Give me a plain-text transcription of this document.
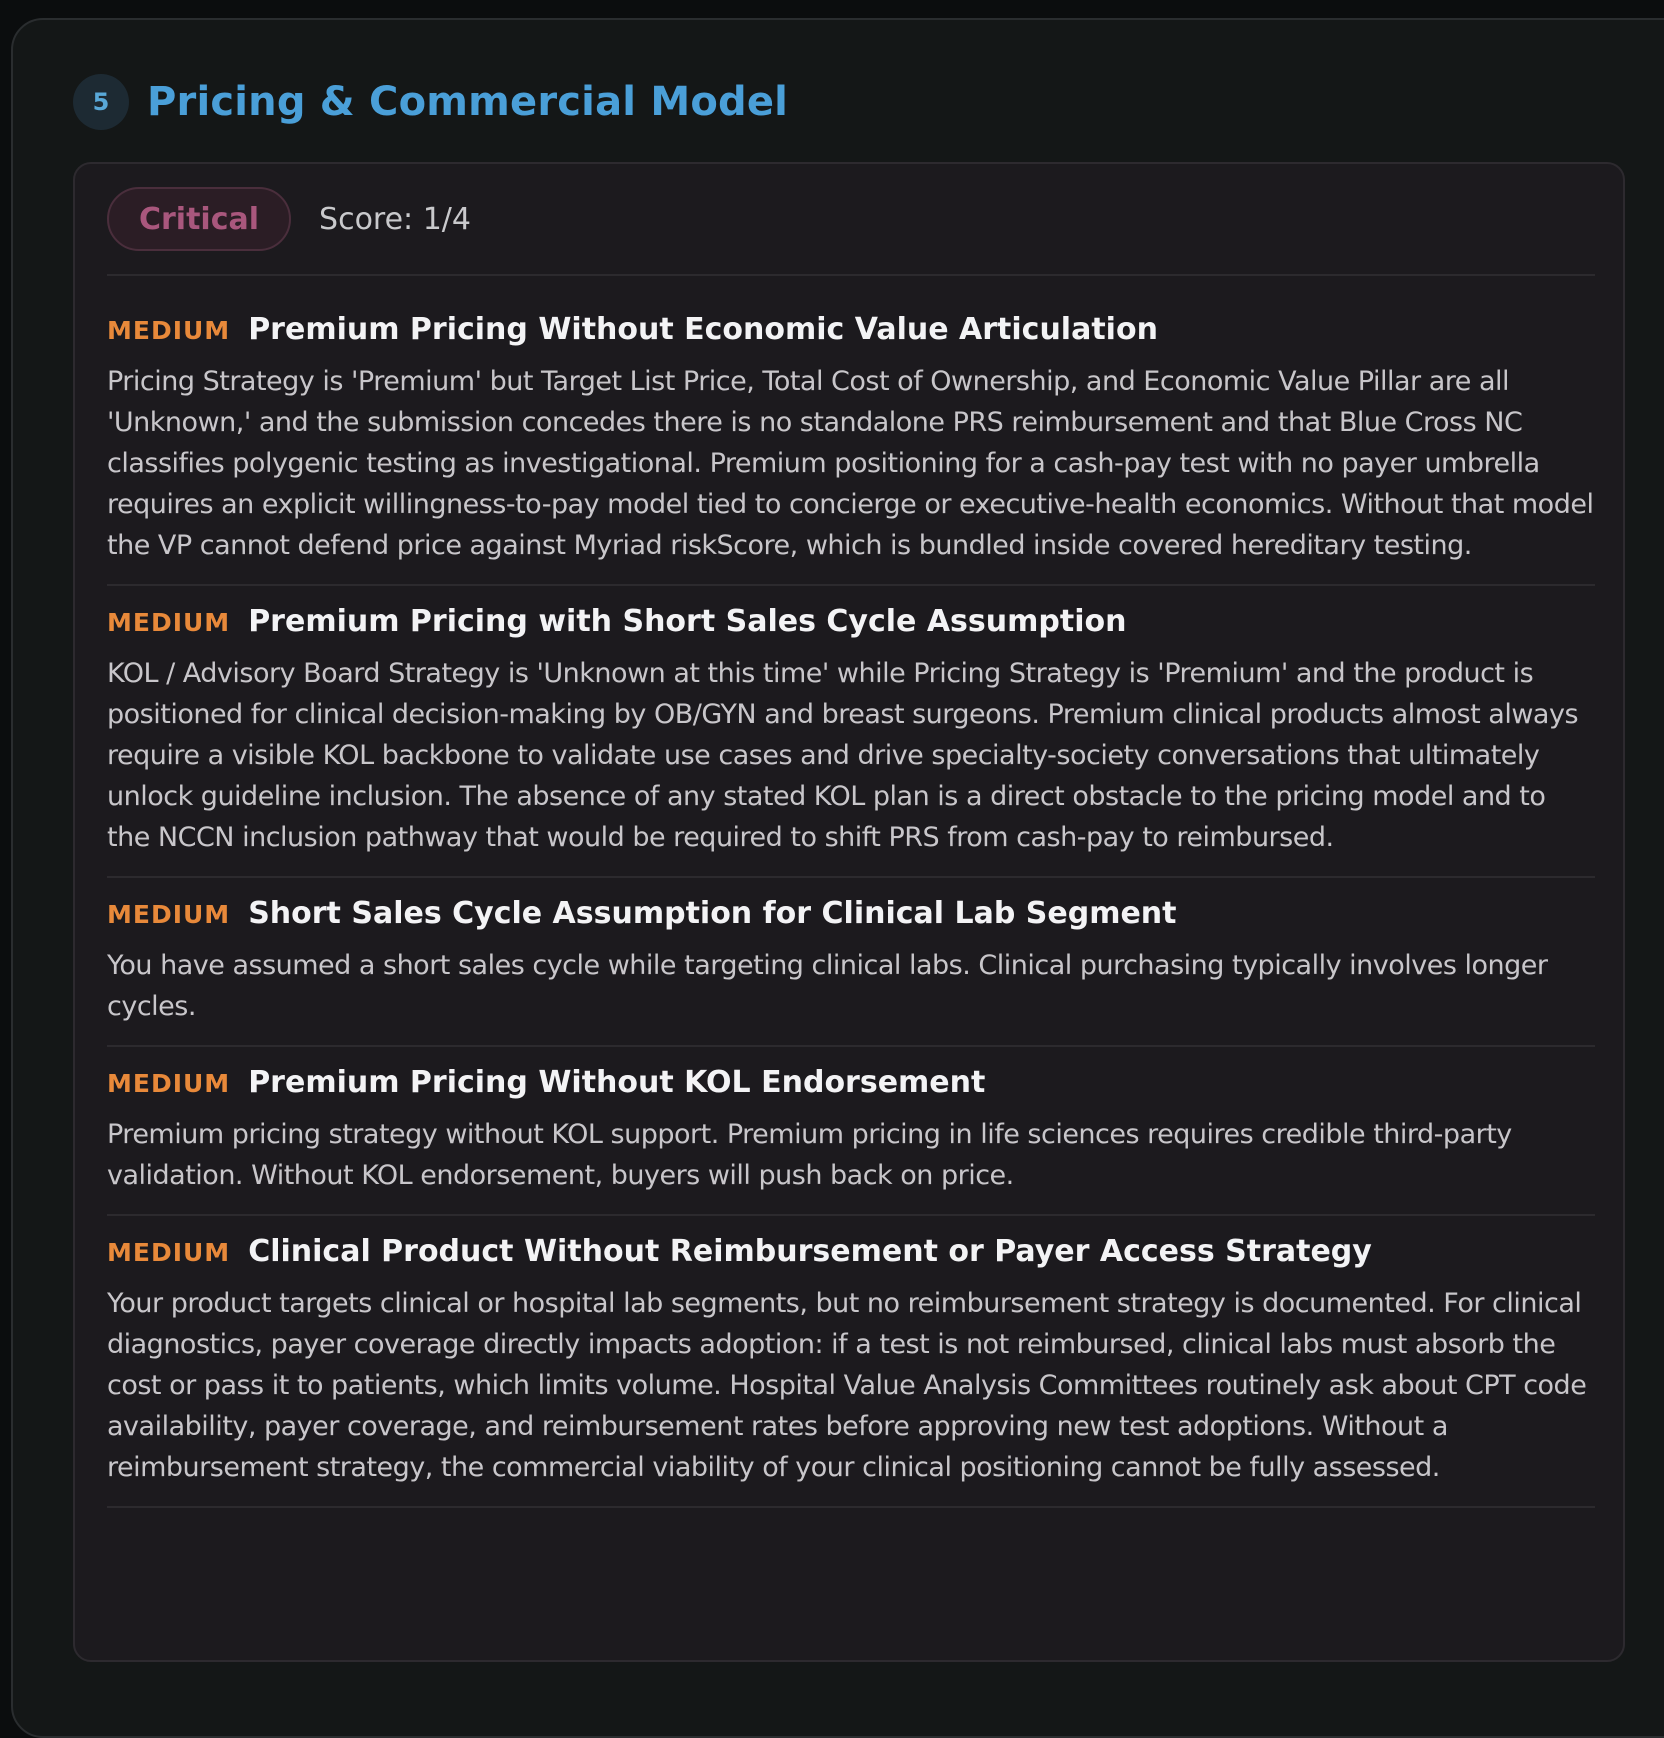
5 Pricing & Commercial Model
Critical	Score: 1/4
MEDIUM Premium Pricing Without Economic Value Articulation
Pricing Strategy is 'Premium' but Target List Price, Total Cost of Ownership, and Economic Value Pillar are all 'Unknown,' and the submission concedes there is no standalone PRS reimbursement and that Blue Cross NC classifies polygenic testing as investigational. Premium positioning for a cash-pay test with no payer umbrella requires an explicit willingness-to-pay model tied to concierge or executive-health economics. Without that model the VP cannot defend price against Myriad riskScore, which is bundled inside covered hereditary testing.
MEDIUM Premium Pricing with Short Sales Cycle Assumption
KOL / Advisory Board Strategy is 'Unknown at this time' while Pricing Strategy is 'Premium' and the product is positioned for clinical decision-making by OB/GYN and breast surgeons. Premium clinical products almost always require a visible KOL backbone to validate use cases and drive specialty-society conversations that ultimately unlock guideline inclusion. The absence of any stated KOL plan is a direct obstacle to the pricing model and to the NCCN inclusion pathway that would be required to shift PRS from cash-pay to reimbursed.
MEDIUM Short Sales Cycle Assumption for Clinical Lab Segment
You have assumed a short sales cycle while targeting clinical labs. Clinical purchasing typically involves longer cycles.
MEDIUM Premium Pricing Without KOL Endorsement
Premium pricing strategy without KOL support. Premium pricing in life sciences requires credible third-party validation. Without KOL endorsement, buyers will push back on price.
MEDIUM Clinical Product Without Reimbursement or Payer Access Strategy
Your product targets clinical or hospital lab segments, but no reimbursement strategy is documented. For clinical diagnostics, payer coverage directly impacts adoption: if a test is not reimbursed, clinical labs must absorb the cost or pass it to patients, which limits volume. Hospital Value Analysis Committees routinely ask about CPT code availability, payer coverage, and reimbursement rates before approving new test adoptions. Without a reimbursement strategy, the commercial viability of your clinical positioning cannot be fully assessed.
